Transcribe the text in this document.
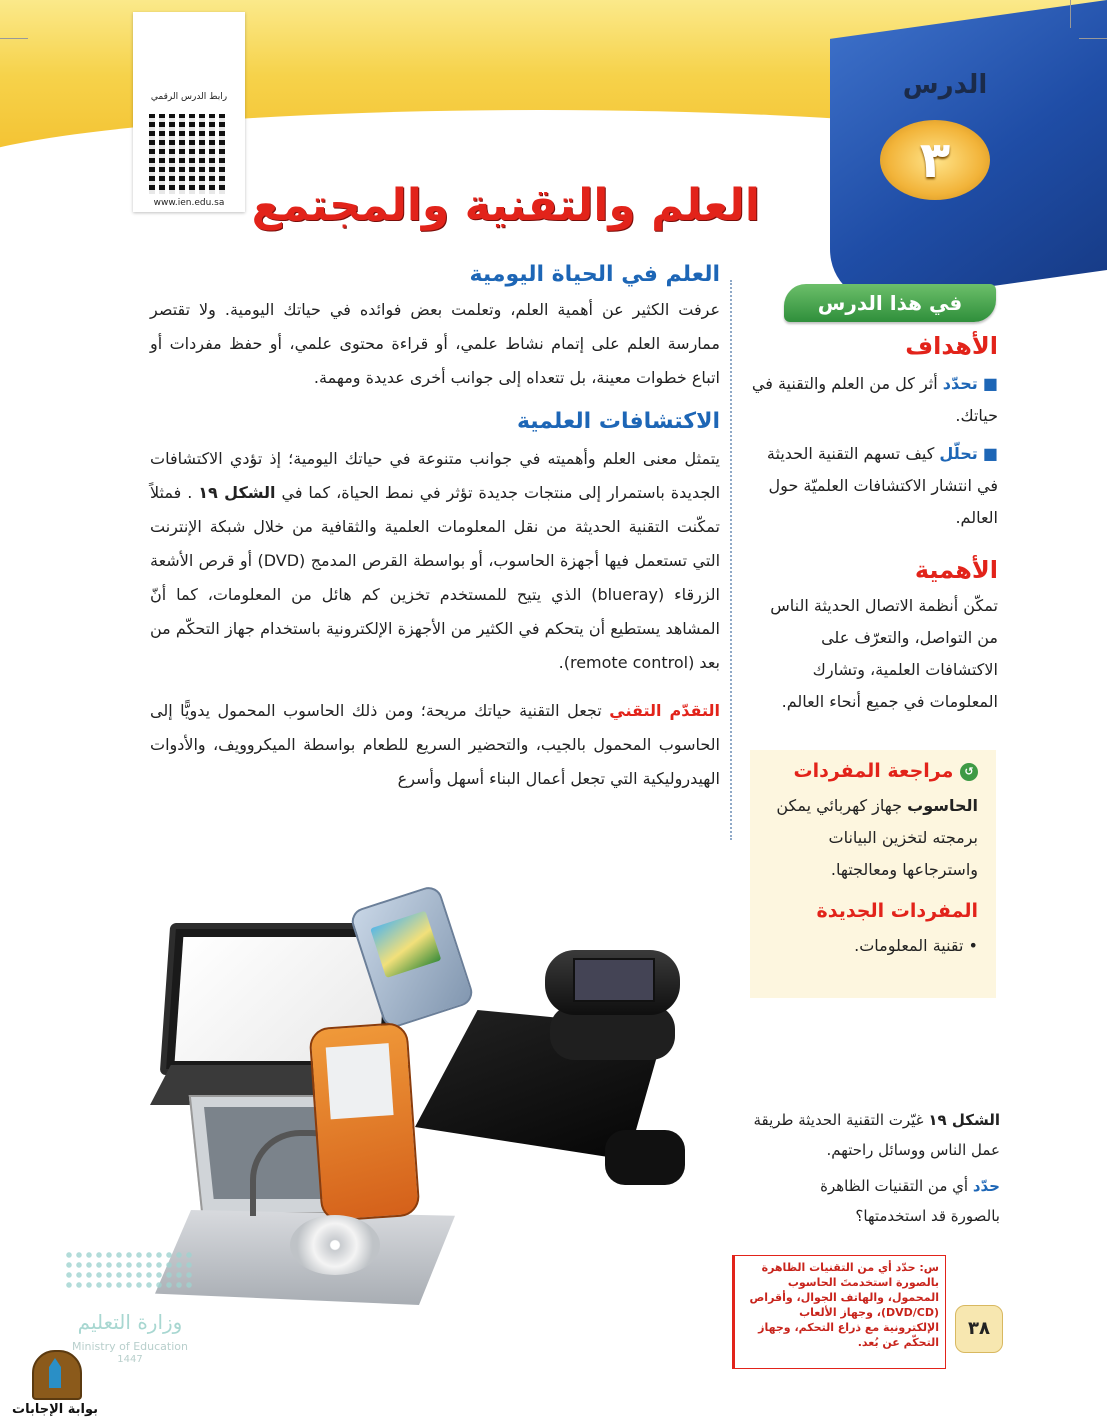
رابط الدرس الرقمي
www.ien.edu.sa
الدرس
٣
العلم والتقنية والمجتمع
العلم في الحياة اليومية
عرفت الكثير عن أهمية العلم، وتعلمت بعض فوائده في حياتك اليومية. ولا تقتصر ممارسة العلم على إتمام نشاط علمي، أو قراءة محتوى علمي، أو حفظ مفردات أو اتباع خطوات معينة، بل تتعداه إلى جوانب أخرى عديدة ومهمة.
الاكتشافات العلمية
يتمثل معنى العلم وأهميته في جوانب متنوعة في حياتك اليومية؛ إذ تؤدي الاكتشافات الجديدة باستمرار إلى منتجات جديدة تؤثر في نمط الحياة، كما في الشكل ١٩ . فمثلاً تمكّنت التقنية الحديثة من نقل المعلومات العلمية والثقافية من خلال شبكة الإنترنت التي تستعمل فيها أجهزة الحاسوب، أو بواسطة القرص المدمج (DVD) أو قرص الأشعة الزرقاء (blueray) الذي يتيح للمستخدم تخزين كم هائل من المعلومات، كما أنّ المشاهد يستطيع أن يتحكم في الكثير من الأجهزة الإلكترونية باستخدام جهاز التحكّم من بعد (remote control).
التقدّم التقني تجعل التقنية حياتك مريحة؛ ومن ذلك الحاسوب المحمول يدويًّا إلى الحاسوب المحمول بالجيب، والتحضير السريع للطعام بواسطة الميكروويف، والأدوات الهيدروليكية التي تجعل أعمال البناء أسهل وأسرع
في هذا الدرس
الأهداف
■ تحدّد أثر كل من العلم والتقنية في حياتك.
■ تحلّل كيف تسهم التقنية الحديثة في انتشار الاكتشافات العلميّة حول العالم.
الأهمية
تمكّن أنظمة الاتصال الحديثة الناس من التواصل، والتعرّف على الاكتشافات العلمية، وتشارك المعلومات في جميع أنحاء العالم.
↺ مراجعة المفردات
الحاسوب جهاز كهربائي يمكن برمجته لتخزين البيانات واسترجاعها ومعالجتها.
المفردات الجديدة
• تقنية المعلومات.
الشكل ١٩ غيّرت التقنية الحديثة طريقة عمل الناس ووسائل راحتهم.
حدّد أي من التقنيات الظاهرة بالصورة قد استخدمتها؟
س: حدّد أي من التقنيات الظاهرة بالصورة استخدمتَ الحاسوب المحمول، والهاتف الجوال، وأقراص (DVD/CD)، وجهاز الألعاب الإلكترونية مع ذراع التحكم، وجهاز التحكّم عن بُعد.
٣٨
وزارة التعليم
Ministry of Education
1447
بوابة الإجابات
